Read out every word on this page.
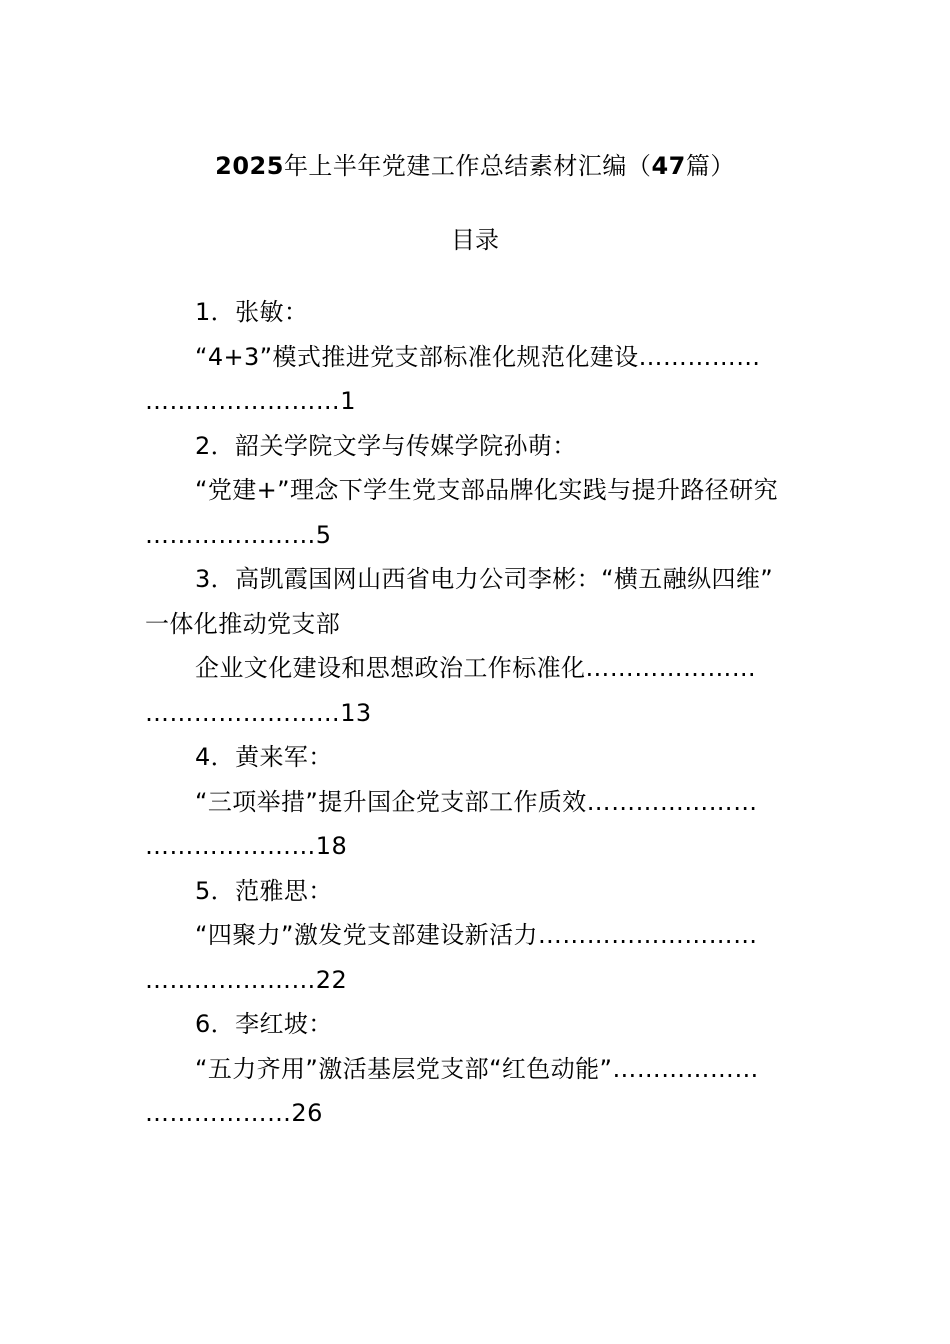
2025年上半年党建工作总结素材汇编（47篇）
目录
1．张敏：
“4+3”模式推进党支部标准化规范化建设……………
……………………1
2．韶关学院文学与传媒学院孙萌：
“党建+”理念下学生党支部品牌化实践与提升路径研究
…………………5
3．高凯霞国网山西省电力公司李彬：“横五融纵四维”
一体化推动党支部
企业文化建设和思想政治工作标准化…………………
……………………13
4．黄来军：
“三项举措”提升国企党支部工作质效…………………
…………………18
5．范雅思：
“四聚力”激发党支部建设新活力………………………
…………………22
6．李红坡：
“五力齐用”激活基层党支部“红色动能”………………
………………26
